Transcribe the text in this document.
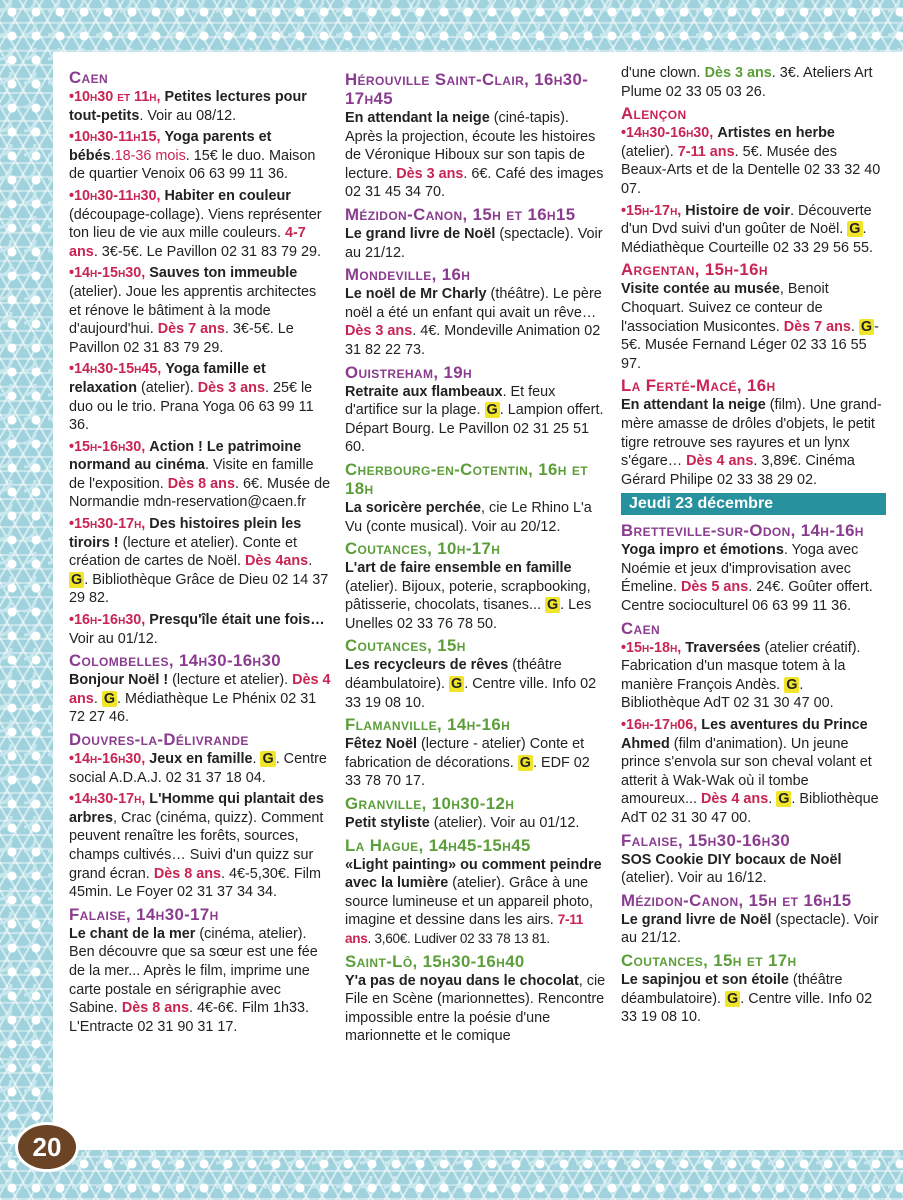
Caen
•10h30 et 11h, Petites lectures pour tout-petits. Voir au 08/12.
•10h30-11h15, Yoga parents et bébés.18-36 mois. 15€ le duo. Maison de quartier Venoix 06 63 99 11 36.
•10h30-11h30, Habiter en couleur (découpage-collage). Viens représenter ton lieu de vie aux mille couleurs. 4-7 ans. 3€-5€. Le Pavillon 02 31 83 79 29.
•14h-15h30, Sauves ton immeuble (atelier). Joue les apprentis architectes et rénove le bâtiment à la mode d'aujourd'hui. Dès 7 ans. 3€-5€. Le Pavillon 02 31 83 79 29.
•14h30-15h45, Yoga famille et relaxation (atelier). Dès 3 ans. 25€ le duo ou le trio. Prana Yoga 06 63 99 11 36.
•15h-16h30, Action ! Le patrimoine normand au cinéma. Visite en famille de l'exposition. Dès 8 ans. 6€. Musée de Normandie mdn-reservation@caen.fr
•15h30-17h, Des histoires plein les tiroirs ! (lecture et atelier). Conte et création de cartes de Noël. Dès 4ans. G . Bibliothèque Grâce de Dieu 02 14 37 29 82.
•16h-16h30, Presqu'île était une fois… Voir au 01/12.
Colombelles, 14h30-16h30
Bonjour Noël ! (lecture et atelier). Dès 4 ans. G . Médiathèque Le Phénix 02 31 72 27 46.
Douvres-la-Délivrande
•14h-16h30, Jeux en famille. G . Centre social A.D.A.J. 02 31 37 18 04.
•14h30-17h, L'Homme qui plantait des arbres, Crac (cinéma, quizz). Comment peuvent renaître les forêts, sources, champs cultivés… Suivi d'un quizz sur grand écran. Dès 8 ans. 4€-5,30€. Film 45min. Le Foyer 02 31 37 34 34.
Falaise, 14h30-17h
Le chant de la mer (cinéma, atelier). Ben découvre que sa sœur est une fée de la mer... Après le film, imprime une carte postale en sérigraphie avec Sabine. Dès 8 ans. 4€-6€. Film 1h33. L'Entracte 02 31 90 31 17.
Hérouville Saint-Clair, 16h30-17h45
En attendant la neige (ciné-tapis). Après la projection, écoute les histoires de Véronique Hiboux sur son tapis de lecture. Dès 3 ans. 6€. Café des images 02 31 45 34 70.
Mézidon-Canon, 15h et 16h15
Le grand livre de Noël (spectacle). Voir au 21/12.
Mondeville, 16h
Le noël de Mr Charly (théâtre). Le père noël a été un enfant qui avait un rêve… Dès 3 ans. 4€. Mondeville Animation 02 31 82 22 73.
Ouistreham, 19h
Retraite aux flambeaux. Et feux d'artifice sur la plage. G . Lampion offert. Départ Bourg. Le Pavillon 02 31 25 51 60.
Cherbourg-en-Cotentin, 16h et 18h
La soricère perchée, cie Le Rhino L'a Vu (conte musical). Voir au 20/12.
Coutances, 10h-17h
L'art de faire ensemble en famille (atelier). Bijoux, poterie, scrapbooking, pâtisserie, chocolats, tisanes... G . Les Unelles 02 33 76 78 50.
Coutances, 15h
Les recycleurs de rêves (théâtre déambulatoire). G . Centre ville. Info 02 33 19 08 10.
Flamanville, 14h-16h
Fêtez Noël (lecture - atelier) Conte et fabrication de décorations. G . EDF 02 33 78 70 17.
Granville, 10h30-12h
Petit styliste (atelier). Voir au 01/12.
La Hague, 14h45-15h45
«Light painting» ou comment peindre avec la lumière (atelier). Grâce à une source lumineuse et un appareil photo, imagine et dessine dans les airs. 7-11 ans. 3,60€. Ludiver 02 33 78 13 81.
Saint-Lô, 15h30-16h40
Y'a pas de noyau dans le chocolat, cie File en Scène (marionnettes). Rencontre impossible entre la poésie d'une marionnette et le comique
d'une clown. Dès 3 ans. 3€. Ateliers Art Plume 02 33 05 03 26.
Alençon
•14h30-16h30, Artistes en herbe (atelier). 7-11 ans. 5€. Musée des Beaux-Arts et de la Dentelle 02 33 32 40 07.
•15h-17h, Histoire de voir. Découverte d'un Dvd suivi d'un goûter de Noël. G . Médiathèque Courteille 02 33 29 56 55.
Argentan, 15h-16h
Visite contée au musée, Benoit Choquart. Suivez ce conteur de l'association Musicontes. Dès 7 ans. G -5€. Musée Fernand Léger 02 33 16 55 97.
La Ferté-Macé, 16h
En attendant la neige (film). Une grand-mère amasse de drôles d'objets, le petit tigre retrouve ses rayures et un lynx s'égare… Dès 4 ans. 3,89€. Cinéma Gérard Philipe 02 33 38 29 02.
Jeudi 23 décembre
Bretteville-sur-Odon, 14h-16h
Yoga impro et émotions. Yoga avec Noémie et jeux d'improvisation avec Émeline. Dès 5 ans. 24€. Goûter offert. Centre socioculturel 06 63 99 11 36.
Caen
•15h-18h, Traversées (atelier créatif). Fabrication d'un masque totem à la manière François Andès. G . Bibliothèque AdT 02 31 30 47 00.
•16h-17h06, Les aventures du Prince Ahmed (film d'animation). Un jeune prince s'envola sur son cheval volant et atterit à Wak-Wak où il tombe amoureux... Dès 4 ans. G . Bibliothèque AdT 02 31 30 47 00.
Falaise, 15h30-16h30
SOS Cookie DIY bocaux de Noël (atelier). Voir au 16/12.
Mézidon-Canon, 15h et 16h15
Le grand livre de Noël (spectacle). Voir au 21/12.
Coutances, 15h et 17h
Le sapinjou et son étoile (théâtre déambulatoire). G . Centre ville. Info 02 33 19 08 10.
20
